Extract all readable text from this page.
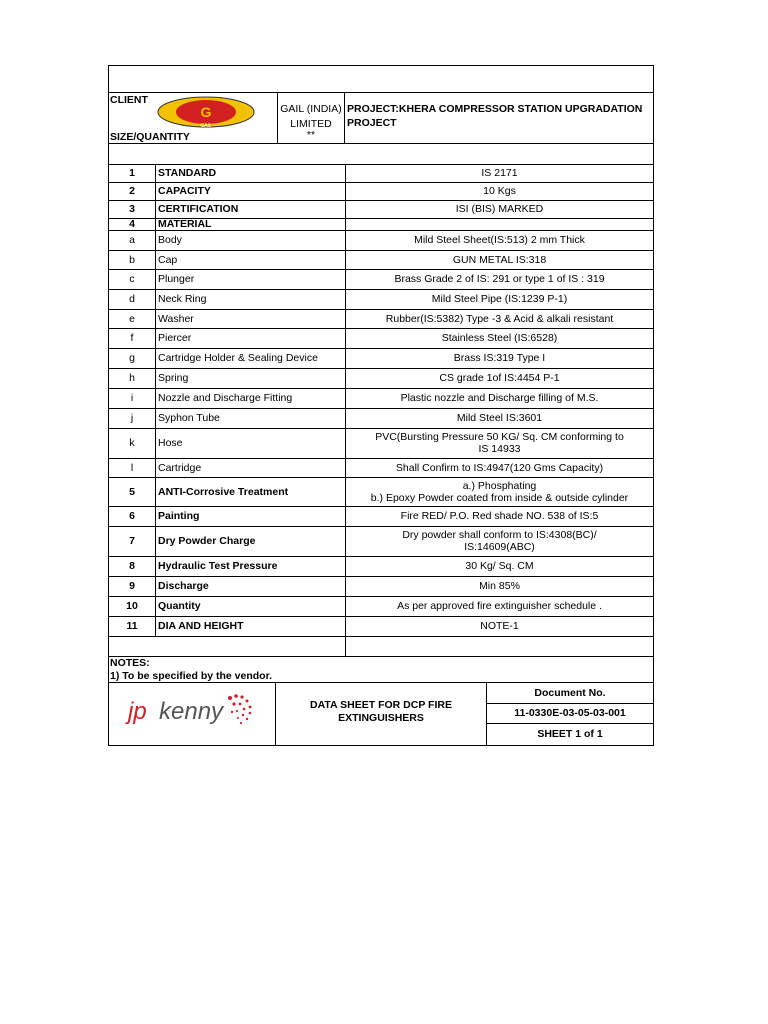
CLIENT
SIZE/QUANTITY
G
GAIL
GAIL (INDIA)
LIMITED
**
PROJECT:KHERA COMPRESSOR STATION UPGRADATION
PROJECT
1	STANDARD	IS 2171
2	CAPACITY	10 Kgs
3	CERTIFICATION	ISI (BIS) MARKED
4	MATERIAL
a	Body	Mild Steel Sheet(IS:513) 2 mm Thick
b	Cap	GUN METAL IS:318
c	Plunger	Brass Grade 2 of IS: 291 or type 1 of IS : 319
d	Neck Ring	Mild Steel Pipe (IS:1239 P-1)
e	Washer	Rubber(IS:5382) Type -3 & Acid & alkali resistant
f	Piercer	Stainless Steel (IS:6528)
g	Cartridge Holder & Sealing Device	Brass IS:319 Type I
h	Spring	CS grade 1of IS:4454 P-1
i	Nozzle and Discharge Fitting	Plastic nozzle and Discharge filling of M.S.
j	Syphon Tube	Mild Steel IS:3601
k	Hose	PVC(Bursting Pressure 50 KG/ Sq. CM conforming to
IS 14933
l	Cartridge	Shall Confirm to IS:4947(120 Gms Capacity)
5	ANTI-Corrosive Treatment	a.) Phosphating
b.) Epoxy Powder coated from inside & outside cylinder
6	Painting	Fire RED/ P.O. Red shade NO. 538 of IS:5
7	Dry Powder Charge	Dry powder shall conform to IS:4308(BC)/
IS:14609(ABC)
8	Hydraulic Test Pressure	30 Kg/ Sq. CM
9	Discharge	Min 85%
10	Quantity	As per approved fire extinguisher schedule .
11	DIA AND HEIGHT	NOTE-1
NOTES:
1) To be specified by the vendor.
jp kenny	DATA SHEET FOR DCP FIRE
EXTINGUISHERS
Document No.
11-0330E-03-05-03-001
SHEET 1 of 1
